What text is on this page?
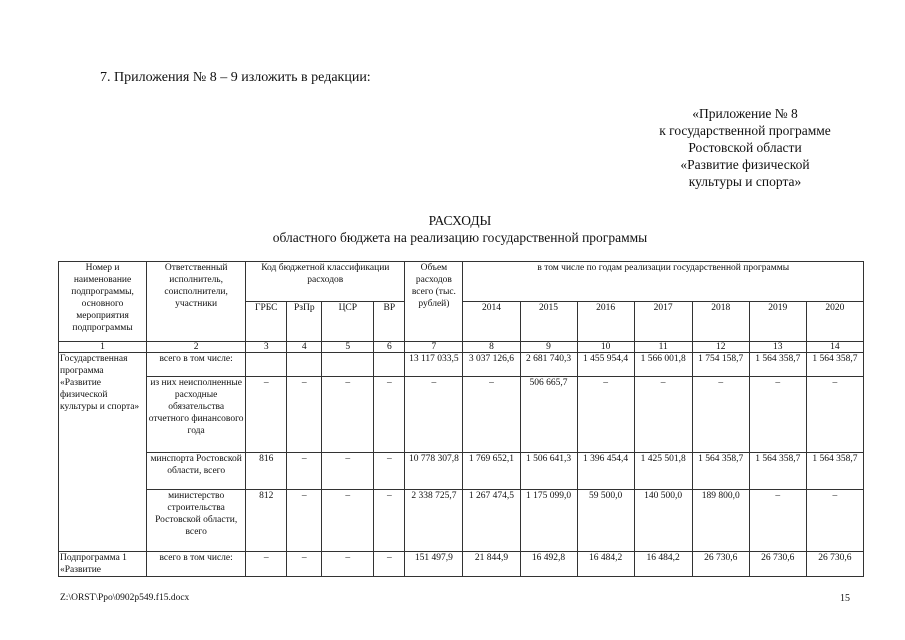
7. Приложения № 8 – 9 изложить в редакции:
«Приложение № 8
к государственной программе
Ростовской области
«Развитие физической
культуры и спорта»
РАСХОДЫ
областного бюджета на реализацию государственной программы
Номер и наименование подпрограммы, основного мероприятия подпрограммы	Ответственный исполнитель, соисполнители, участники	Код бюджетной классификации расходов				Объем расходов всего (тыс. рублей)	в том числе по годам реализации государственной программы						
		ГРБС	РзПр	ЦСР	ВР		2014	2015	2016	2017	2018	2019	2020
1	2	3	4	5	6	7	8	9	10	11	12	13	14
Государственная программа «Развитие физической культуры и спорта»	всего в том числе:					13 117 033,5	3 037 126,6	2 681 740,3	1 455 954,4	1 566 001,8	1 754 158,7	1 564 358,7	1 564 358,7
	из них неисполненные расходные обязательства отчетного финансового года	–	–	–	–	–	–	506 665,7	–	–	–	–	–
	минспорта Ростовской области, всего	816	–	–	–	10 778 307,8	1 769 652,1	1 506 641,3	1 396 454,4	1 425 501,8	1 564 358,7	1 564 358,7	1 564 358,7
	министерство строительства Ростовской области, всего	812	–	–	–	2 338 725,7	1 267 474,5	1 175 099,0	59 500,0	140 500,0	189 800,0	–	–
Подпрограмма 1 «Развитие	всего в том числе:	–	–	–	–	151 497,9	21 844,9	16 492,8	16 484,2	16 484,2	26 730,6	26 730,6	26 730,6
Z:\ORST\Ppo\0902p549.f15.docx	15
